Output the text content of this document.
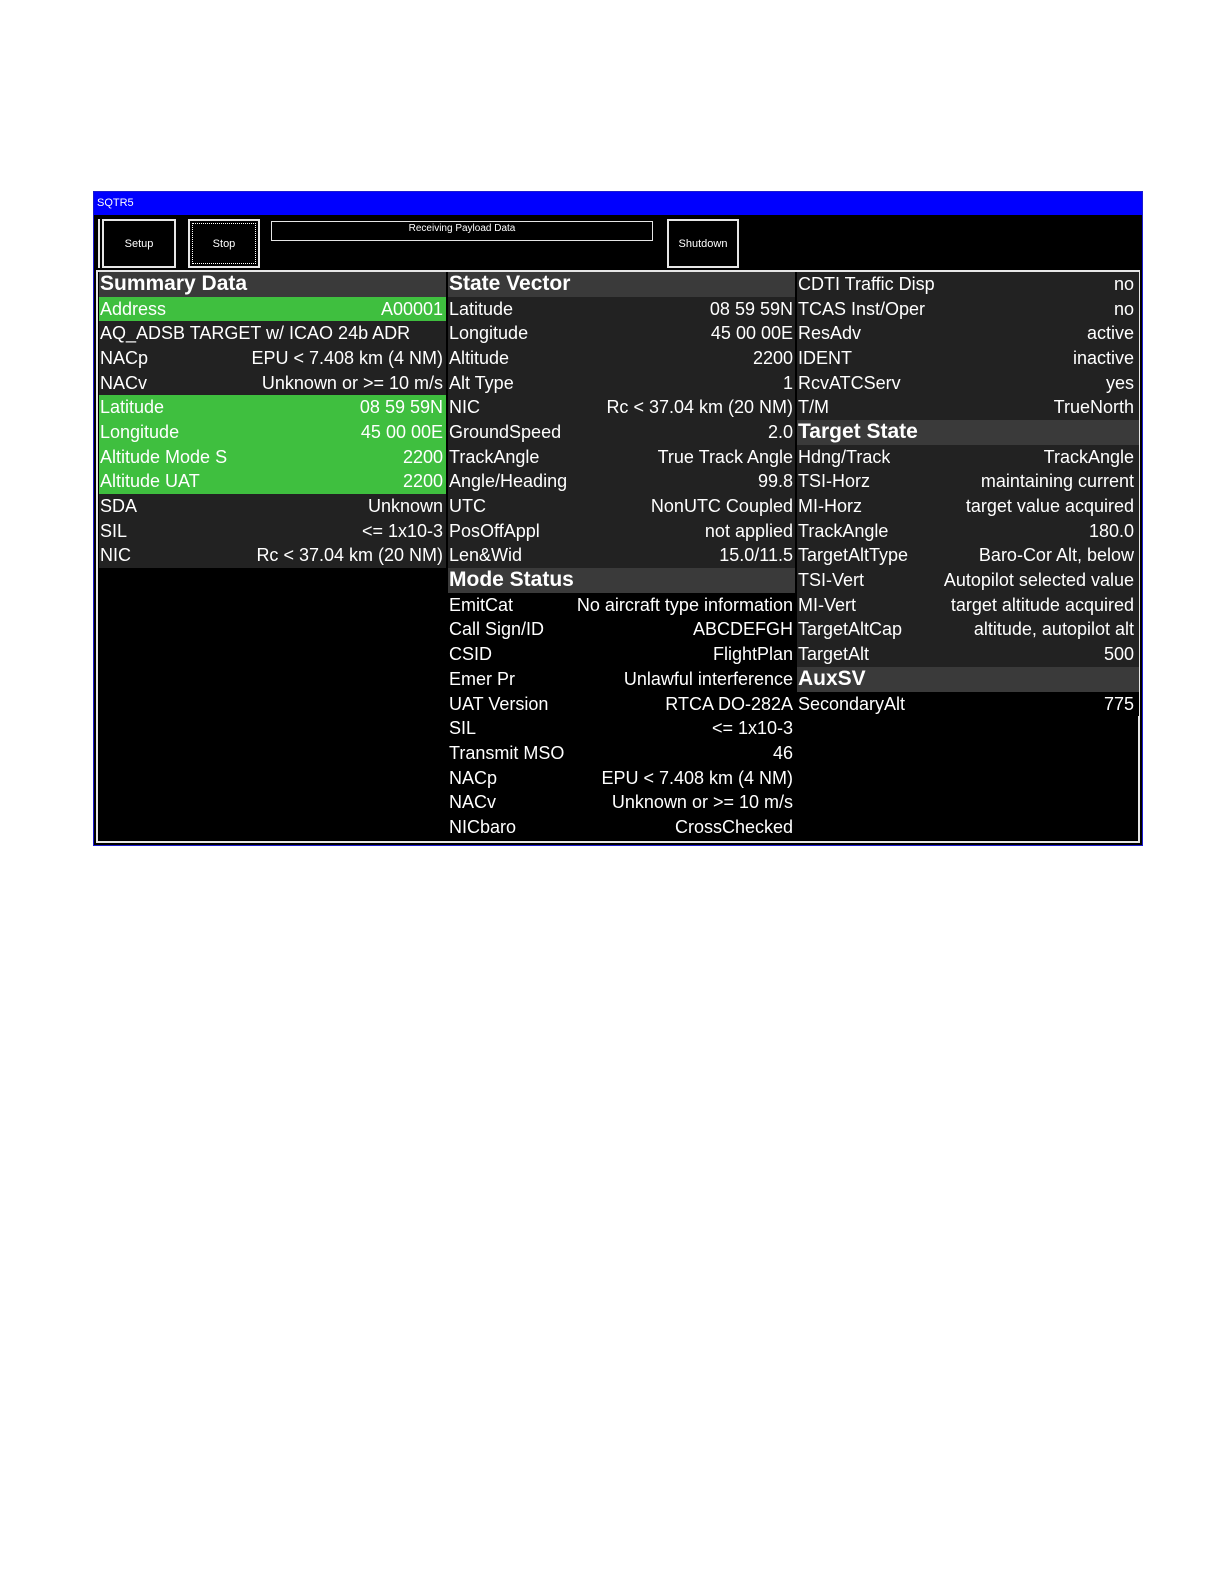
SQTR5
Setup	Stop
Receiving Payload Data
Shutdown
Summary Data
Address	A00001
AQ_ADSB TARGET w/ ICAO 24b ADR
NACp	EPU < 7.408 km (4 NM)
NACv	Unknown or >= 10 m/s
Latitude	08 59 59N
Longitude	45 00 00E
Altitude Mode S	2200
Altitude UAT	2200
SDA	Unknown
SIL	<= 1x10-3
NIC	Rc < 37.04 km (20 NM)
State Vector
Latitude	08 59 59N
Longitude	45 00 00E
Altitude	2200
Alt Type	1
NIC	Rc < 37.04 km (20 NM)
GroundSpeed	2.0
TrackAngle	True Track Angle
Angle/Heading	99.8
UTC	NonUTC Coupled
PosOffAppl	not applied
Len&Wid	15.0/11.5
Mode Status
EmitCat	No aircraft type information
Call Sign/ID	ABCDEFGH
CSID	FlightPlan
Emer Pr	Unlawful interference
UAT Version	RTCA DO-282A
SIL	<= 1x10-3
Transmit MSO	46
NACp	EPU < 7.408 km (4 NM)
NACv	Unknown or >= 10 m/s
NICbaro	CrossChecked
CDTI Traffic Disp	no
TCAS Inst/Oper	no
ResAdv	active
IDENT	inactive
RcvATCServ	yes
T/M	TrueNorth
Target State
Hdng/Track	TrackAngle
TSI-Horz	maintaining current
MI-Horz	target value acquired
TrackAngle	180.0
TargetAltType	Baro-Cor Alt, below
TSI-Vert	Autopilot selected value
MI-Vert	target altitude acquired
TargetAltCap	altitude, autopilot alt
TargetAlt	500
AuxSV
SecondaryAlt	775
